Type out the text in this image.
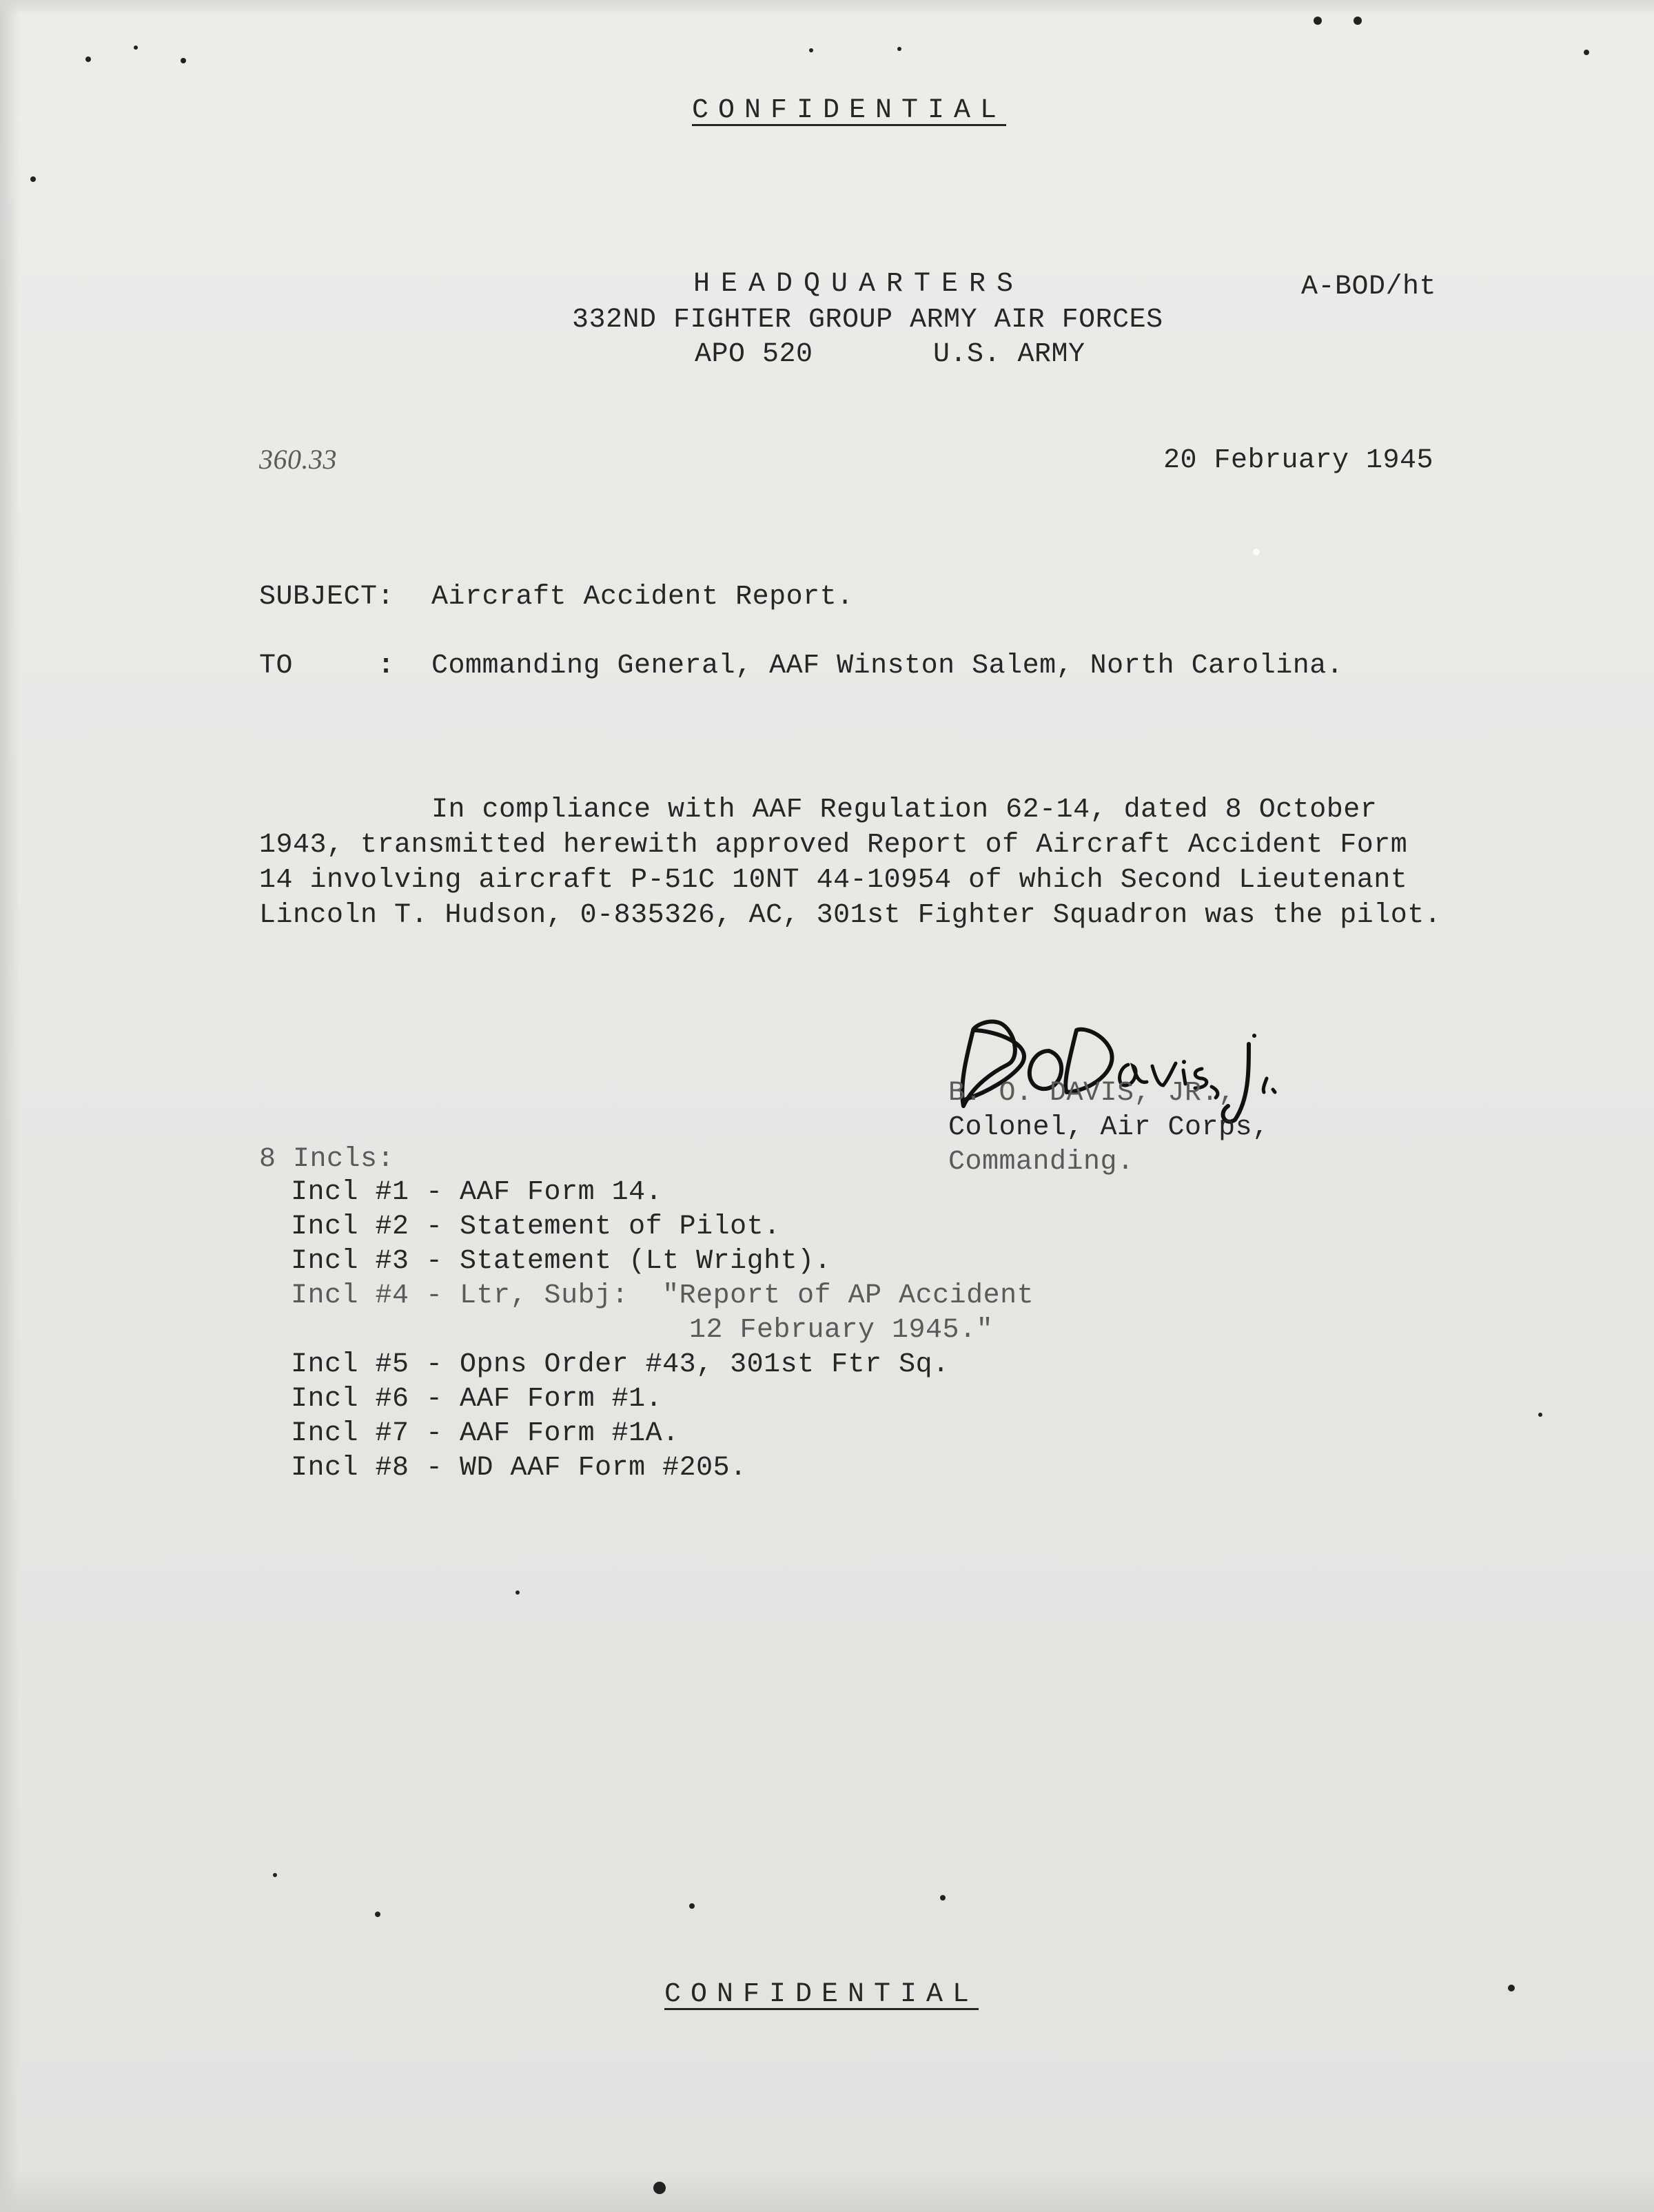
CONFIDENTIAL
HEADQUARTERS
332ND FIGHTER GROUP ARMY AIR FORCES
APO 520	U.S. ARMY
A-BOD/ht
360.33	20 February 1945
SUBJECT: Aircraft Accident Report.
TO	: Commanding General, AAF Winston Salem, North Carolina.
In compliance with AAF Regulation 62-14, dated 8 October
1943, transmitted herewith approved Report of Aircraft Accident Form
14 involving aircraft P-51C 10NT 44-10954 of which Second Lieutenant
Lincoln T. Hudson, 0-835326, AC, 301st Fighter Squadron was the pilot.
B. O. DAVIS, JR.,
Colonel, Air Corps,
Commanding.
8 Incls:
Incl #1 - AAF Form 14.
Incl #2 - Statement of Pilot.
Incl #3 - Statement (Lt Wright).
Incl #4 - Ltr, Subj:  "Report of AP Accident
12 February 1945."
Incl #5 - Opns Order #43, 301st Ftr Sq.
Incl #6 - AAF Form #1.
Incl #7 - AAF Form #1A.
Incl #8 - WD AAF Form #205.
CONFIDENTIAL
